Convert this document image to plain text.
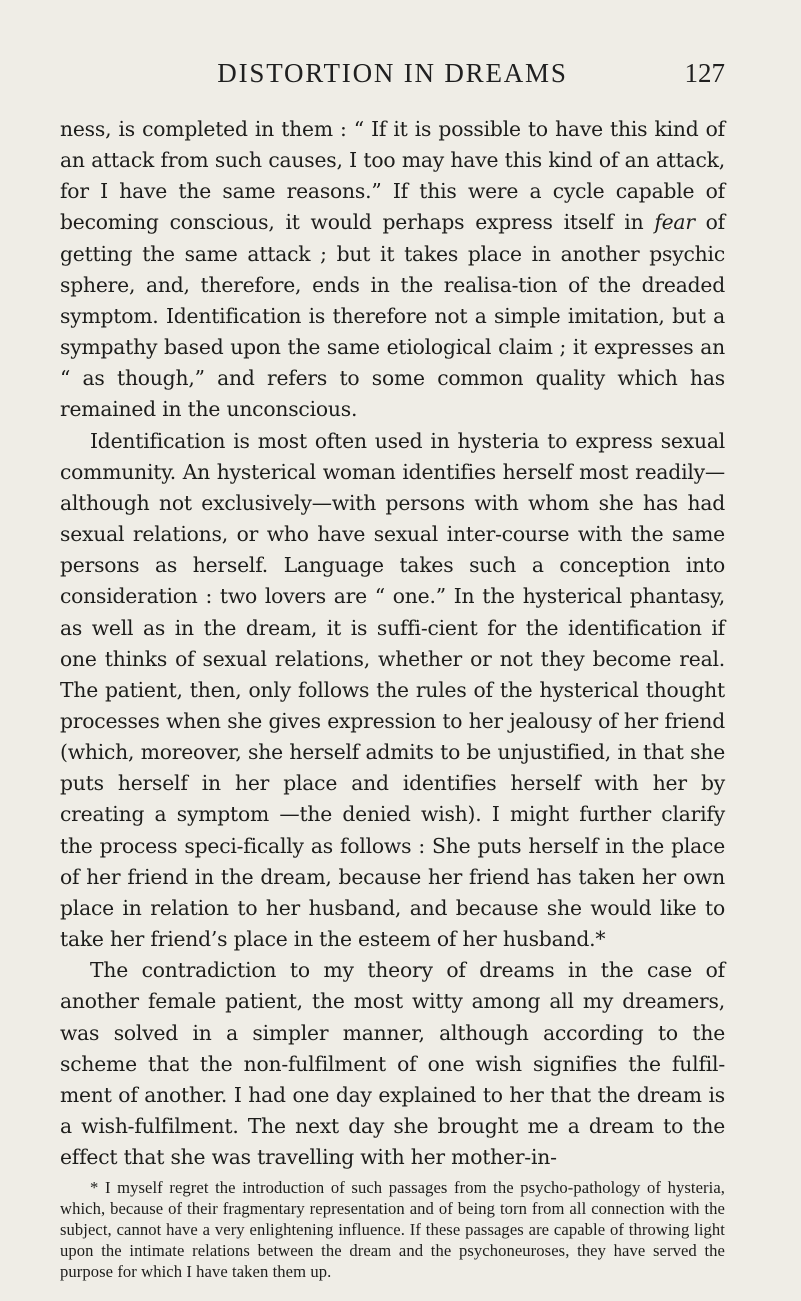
DISTORTION IN DREAMS	127

ness, is completed in them : “ If it is possible to have this kind of an attack from such causes, I too may have this kind of an attack, for I have the same reasons.” If this were a cycle capable of becoming conscious, it would perhaps express itself in fear of getting the same attack ; but it takes place in another psychic sphere, and, therefore, ends in the realisa-tion of the dreaded symptom. Identification is therefore not a simple imitation, but a sympathy based upon the same etiological claim ; it expresses an “ as though,” and refers to some common quality which has remained in the unconscious.

Identification is most often used in hysteria to express sexual community. An hysterical woman identifies herself most readily—although not exclusively—with persons with whom she has had sexual relations, or who have sexual inter-course with the same persons as herself. Language takes such a conception into consideration : two lovers are “ one.” In the hysterical phantasy, as well as in the dream, it is suffi-cient for the identification if one thinks of sexual relations, whether or not they become real. The patient, then, only follows the rules of the hysterical thought processes when she gives expression to her jealousy of her friend (which, moreover, she herself admits to be unjustified, in that she puts herself in her place and identifies herself with her by creating a symptom —the denied wish). I might further clarify the process speci-fically as follows : She puts herself in the place of her friend in the dream, because her friend has taken her own place in relation to her husband, and because she would like to take her friend’s place in the esteem of her husband.*

The contradiction to my theory of dreams in the case of another female patient, the most witty among all my dreamers, was solved in a simpler manner, although according to the scheme that the non-fulfilment of one wish signifies the fulfil-ment of another. I had one day explained to her that the dream is a wish-fulfilment. The next day she brought me a dream to the effect that she was travelling with her mother-in-

* I myself regret the introduction of such passages from the psycho-pathology of hysteria, which, because of their fragmentary representation and of being torn from all connection with the subject, cannot have a very enlightening influence. If these passages are capable of throwing light upon the intimate relations between the dream and the psychoneuroses, they have served the purpose for which I have taken them up.
